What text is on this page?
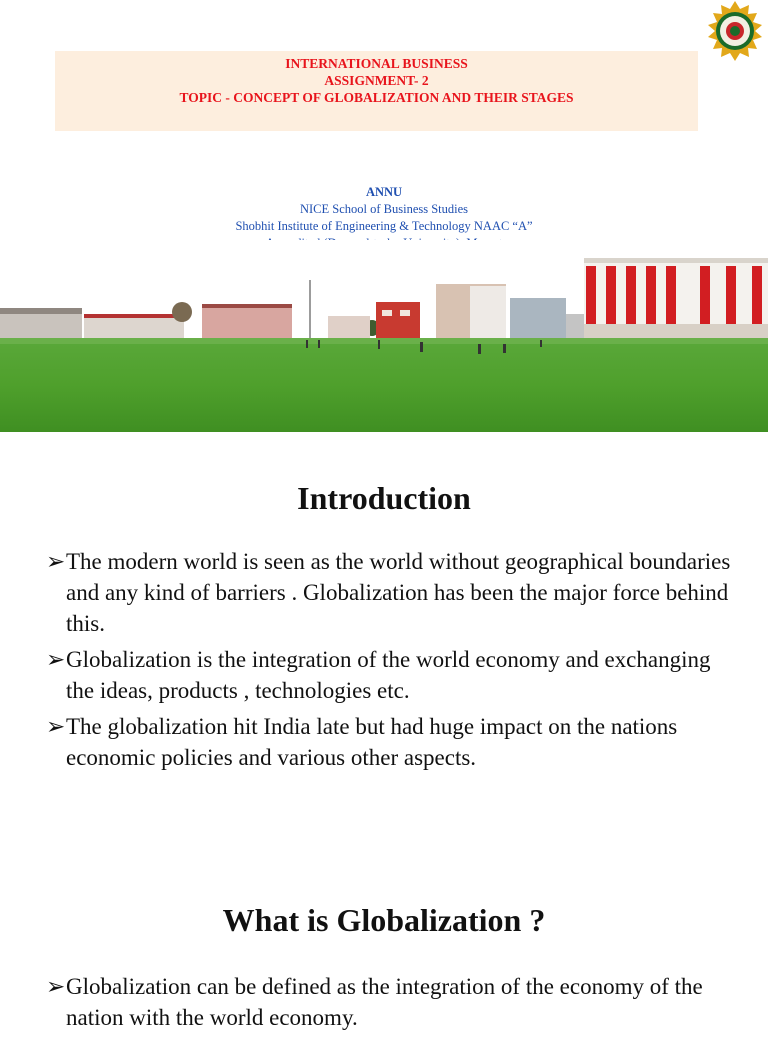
INTERNATIONAL BUSINESS
ASSIGNMENT- 2
TOPIC - CONCEPT OF GLOBALIZATION AND THEIR STAGES
ANNU
NICE School of Business Studies
Shobhit Institute of Engineering & Technology NAAC “A”
Introduction
➢ The modern world is seen as the world without geographical boundaries and any kind of barriers . Globalization has been the major force behind this.
➢ Globalization is the integration of the world economy and exchanging the ideas, products , technologies etc.
➢ The globalization hit India late but had huge impact on the nations economic policies and various other aspects.
What is Globalization ?
➢ Globalization can be defined as the integration of the economy of the nation with the world economy.
